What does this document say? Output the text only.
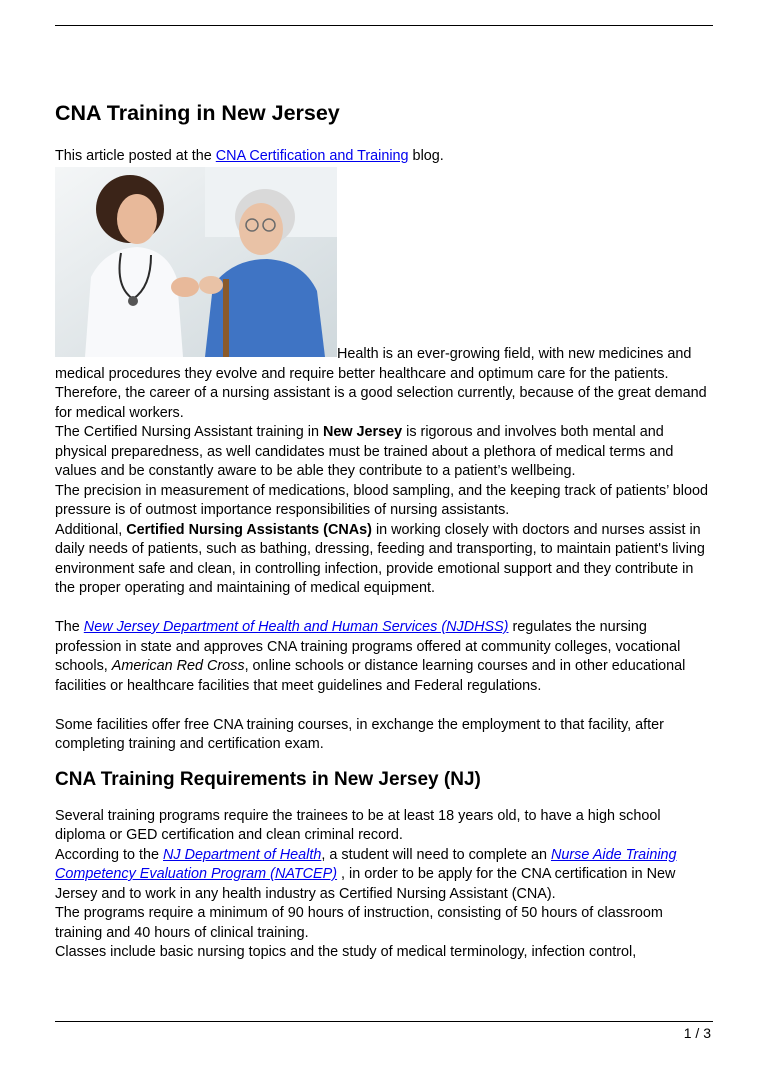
CNA Training in New Jersey

This article posted at the CNA Certification and Training blog.

Health is an ever-growing field, with new medicines and medical procedures they evolve and require better healthcare and optimum care for the patients. Therefore, the career of a nursing assistant is a good selection currently, because of the great demand for medical workers.

The Certified Nursing Assistant training in New Jersey is rigorous and involves both mental and physical preparedness, as well candidates must be trained about a plethora of medical terms and values and be constantly aware to be able they contribute to a patient’s wellbeing.

The precision in measurement of medications, blood sampling, and the keeping track of patients’ blood pressure is of outmost importance responsibilities of nursing assistants.

Additional, Certified Nursing Assistants (CNAs) in working closely with doctors and nurses assist in daily needs of patients, such as bathing, dressing, feeding and transporting, to maintain patient's living environment safe and clean, in controlling infection, provide emotional support and they contribute in the proper operating and maintaining of medical equipment.

The New Jersey Department of Health and Human Services (NJDHSS) regulates the nursing profession in state and approves CNA training programs offered at community colleges, vocational schools, American Red Cross, online schools or distance learning courses and in other educational facilities or healthcare facilities that meet guidelines and Federal regulations.

Some facilities offer free CNA training courses, in exchange the employment to that facility, after completing training and certification exam.

CNA Training Requirements in New Jersey (NJ)

Several training programs require the trainees to be at least 18 years old, to have a high school diploma or GED certification and clean criminal record.

According to the NJ Department of Health, a student will need to complete an Nurse Aide Training Competency Evaluation Program (NATCEP) , in order to be apply for the CNA certification in New Jersey and to work in any health industry as Certified Nursing Assistant (CNA).

The programs require a minimum of 90 hours of instruction, consisting of 50 hours of classroom training and 40 hours of clinical training.

Classes include basic nursing topics and the study of medical terminology, infection control,

1 / 3
